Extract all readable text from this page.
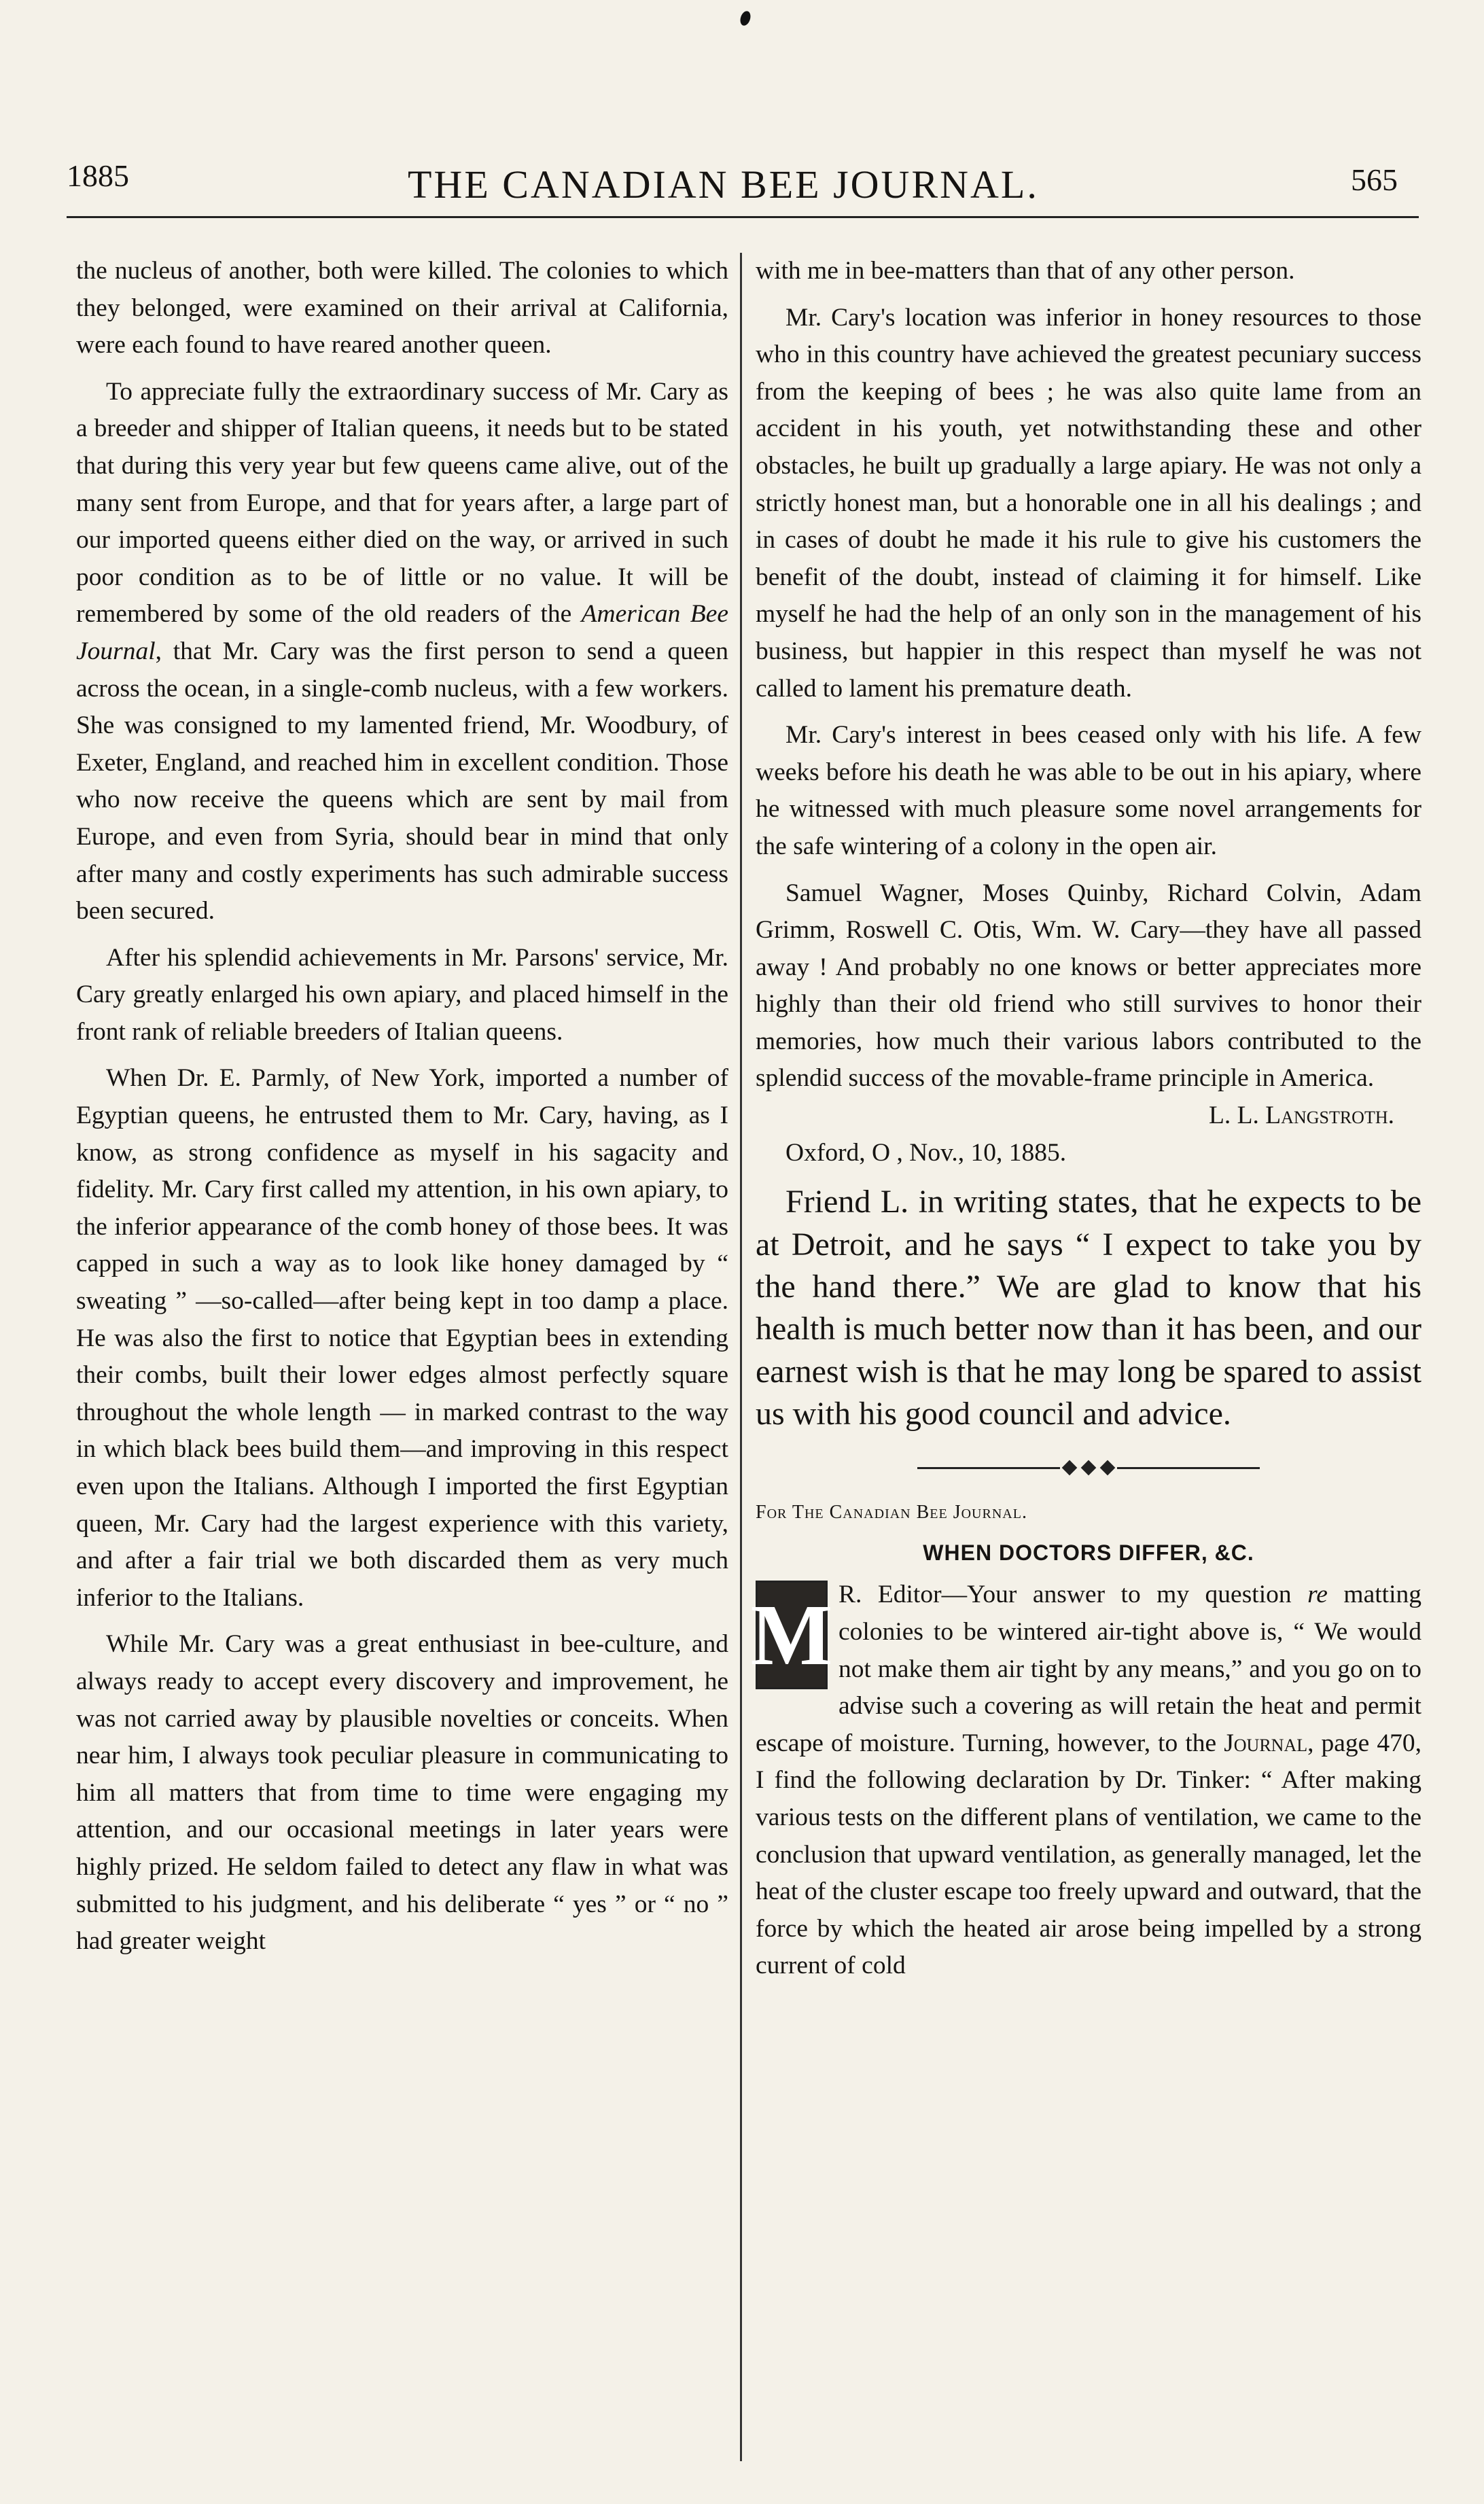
1885	THE CANADIAN BEE JOURNAL.	565

the nucleus of another, both were killed. The colonies to which they belonged, were examined on their arrival at California, were each found to have reared another queen.

To appreciate fully the extraordinary success of Mr. Cary as a breeder and shipper of Italian queens, it needs but to be stated that during this very year but few queens came alive, out of the many sent from Europe, and that for years after, a large part of our imported queens either died on the way, or arrived in such poor condition as to be of little or no value. It will be remembered by some of the old readers of the American Bee Journal, that Mr. Cary was the first person to send a queen across the ocean, in a single-comb nucleus, with a few workers. She was consigned to my lamented friend, Mr. Woodbury, of Exeter, England, and reached him in excellent condition. Those who now receive the queens which are sent by mail from Europe, and even from Syria, should bear in mind that only after many and costly experiments has such admirable success been secured.

After his splendid achievements in Mr. Parsons' service, Mr. Cary greatly enlarged his own apiary, and placed himself in the front rank of reliable breeders of Italian queens.

When Dr. E. Parmly, of New York, imported a number of Egyptian queens, he entrusted them to Mr. Cary, having, as I know, as strong confidence as myself in his sagacity and fidelity. Mr. Cary first called my attention, in his own apiary, to the inferior appearance of the comb honey of those bees. It was capped in such a way as to look like honey damaged by “ sweating ” —so-called—after being kept in too damp a place. He was also the first to notice that Egyptian bees in extending their combs, built their lower edges almost perfectly square throughout the whole length — in marked contrast to the way in which black bees build them—and improving in this respect even upon the Italians. Although I imported the first Egyptian queen, Mr. Cary had the largest experience with this variety, and after a fair trial we both discarded them as very much inferior to the Italians.

While Mr. Cary was a great enthusiast in bee-culture, and always ready to accept every discovery and improvement, he was not carried away by plausible novelties or conceits. When near him, I always took peculiar pleasure in communicating to him all matters that from time to time were engaging my attention, and our occasional meetings in later years were highly prized. He seldom failed to detect any flaw in what was submitted to his judgment, and his deliberate “ yes ” or “ no ” had greater weight

with me in bee-matters than that of any other person.

Mr. Cary's location was inferior in honey resources to those who in this country have achieved the greatest pecuniary success from the keeping of bees ; he was also quite lame from an accident in his youth, yet notwithstanding these and other obstacles, he built up gradually a large apiary. He was not only a strictly honest man, but a honorable one in all his dealings ; and in cases of doubt he made it his rule to give his customers the benefit of the doubt, instead of claiming it for himself. Like myself he had the help of an only son in the management of his business, but happier in this respect than myself he was not called to lament his premature death.

Mr. Cary's interest in bees ceased only with his life. A few weeks before his death he was able to be out in his apiary, where he witnessed with much pleasure some novel arrangements for the safe wintering of a colony in the open air.

Samuel Wagner, Moses Quinby, Richard Colvin, Adam Grimm, Roswell C. Otis, Wm. W. Cary—they have all passed away ! And probably no one knows or better appreciates more highly than their old friend who still survives to honor their memories, how much their various labors contributed to the splendid success of the movable-frame principle in America.

L. L. Langstroth.

Oxford, O , Nov., 10, 1885.

Friend L. in writing states, that he expects to be at Detroit, and he says “ I expect to take you by the hand there.” We are glad to know that his health is much better now than it has been, and our earnest wish is that he may long be spared to assist us with his good council and advice.

For The Canadian Bee Journal.

WHEN DOCTORS DIFFER, &C.

M R. Editor—Your answer to my question re matting colonies to be wintered air-tight above is, “ We would not make them air tight by any means,” and you go on to advise such a covering as will retain the heat and permit escape of moisture. Turning, however, to the Journal, page 470, I find the following declaration by Dr. Tinker: “ After making various tests on the different plans of ventilation, we came to the conclusion that upward ventilation, as generally managed, let the heat of the cluster escape too freely upward and outward, that the force by which the heated air arose being impelled by a strong current of cold
